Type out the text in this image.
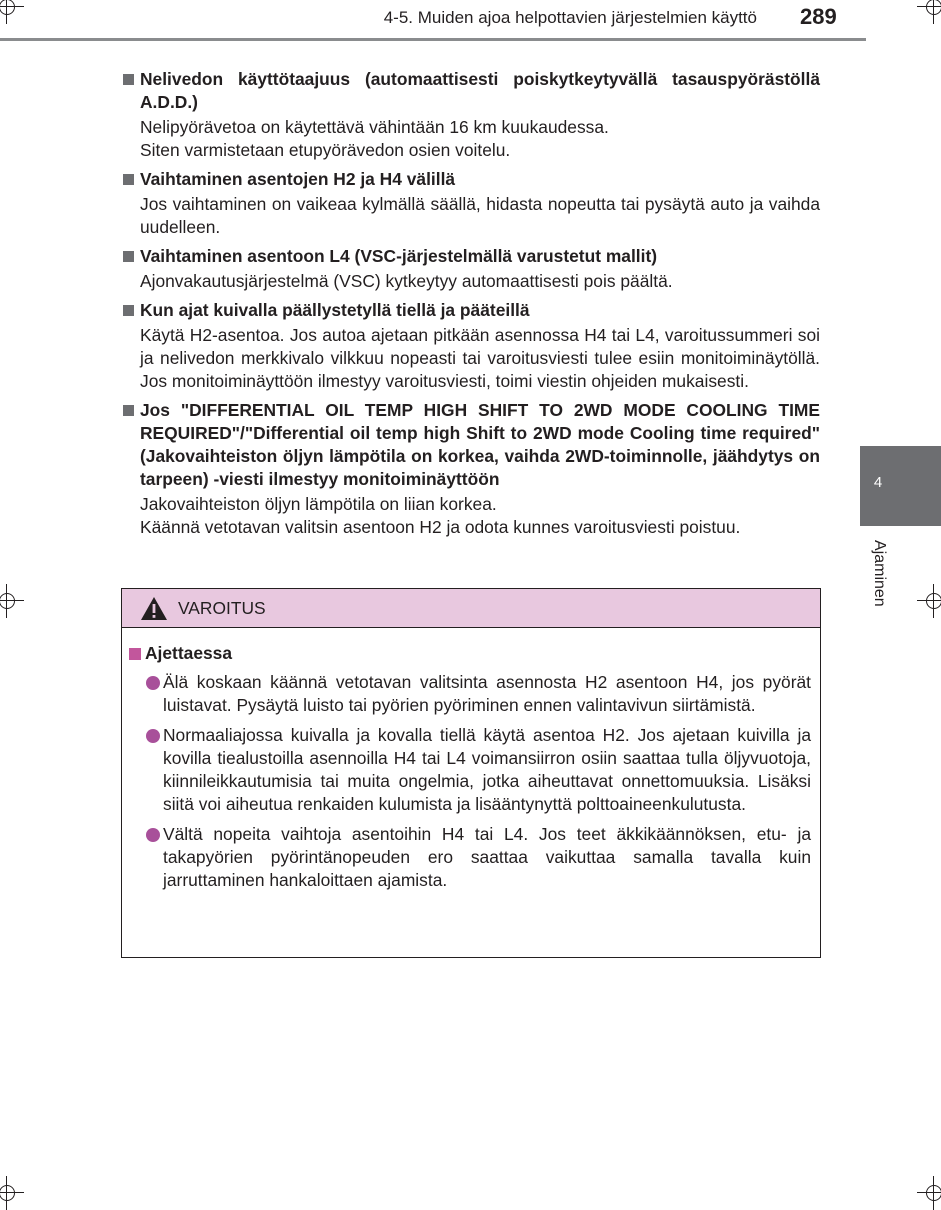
4-5. Muiden ajoa helpottavien järjestelmien käyttö 289

Nelivedon käyttötaajuus (automaattisesti poiskytkeytyvällä tasauspyörästöllä A.D.D.)

Nelipyörävetoa on käytettävä vähintään 16 km kuukaudessa.

Siten varmistetaan etupyörävedon osien voitelu.

Vaihtaminen asentojen H2 ja H4 välillä

Jos vaihtaminen on vaikeaa kylmällä säällä, hidasta nopeutta tai pysäytä auto ja vaihda uudelleen.

Vaihtaminen asentoon L4 (VSC-järjestelmällä varustetut mallit)

Ajonvakautusjärjestelmä (VSC) kytkeytyy automaattisesti pois päältä.

Kun ajat kuivalla päällystetyllä tiellä ja pääteillä

Käytä H2-asentoa. Jos autoa ajetaan pitkään asennossa H4 tai L4, varoitussummeri soi ja nelivedon merkkivalo vilkkuu nopeasti tai varoitusviesti tulee esiin monitoiminäytöllä. Jos monitoiminäyttöön ilmestyy varoitusviesti, toimi viestin ohjeiden mukaisesti.

Jos "DIFFERENTIAL OIL TEMP HIGH SHIFT TO 2WD MODE COOLING TIME REQUIRED"/"Differential oil temp high Shift to 2WD mode Cooling time required" (Jakovaihteiston öljyn lämpötila on korkea, vaihda 2WD-toiminnolle, jäähdytys on tarpeen) -viesti ilmestyy monitoiminäyttöön

Jakovaihteiston öljyn lämpötila on liian korkea.

Käännä vetotavan valitsin asentoon H2 ja odota kunnes varoitusviesti poistuu.

VAROITUS
Ajettaessa

Älä koskaan käännä vetotavan valitsinta asennosta H2 asentoon H4, jos pyörät luistavat. Pysäytä luisto tai pyörien pyöriminen ennen valintavivun siirtämistä.

Normaaliajossa kuivalla ja kovalla tiellä käytä asentoa H2. Jos ajetaan kuivilla ja kovilla tiealustoilla asennoilla H4 tai L4 voimansiirron osiin saattaa tulla öljyvuotoja, kiinnileikkautumisia tai muita ongelmia, jotka aiheuttavat onnettomuuksia. Lisäksi siitä voi aiheutua renkaiden kulumista ja lisääntynyttä polttoaineenkulutusta.

Vältä nopeita vaihtoja asentoihin H4 tai L4. Jos teet äkkikäännöksen, etu- ja takapyörien pyörintänopeuden ero saattaa vaikuttaa samalla tavalla kuin jarruttaminen hankaloittaen ajamista.

4
Ajaminen
